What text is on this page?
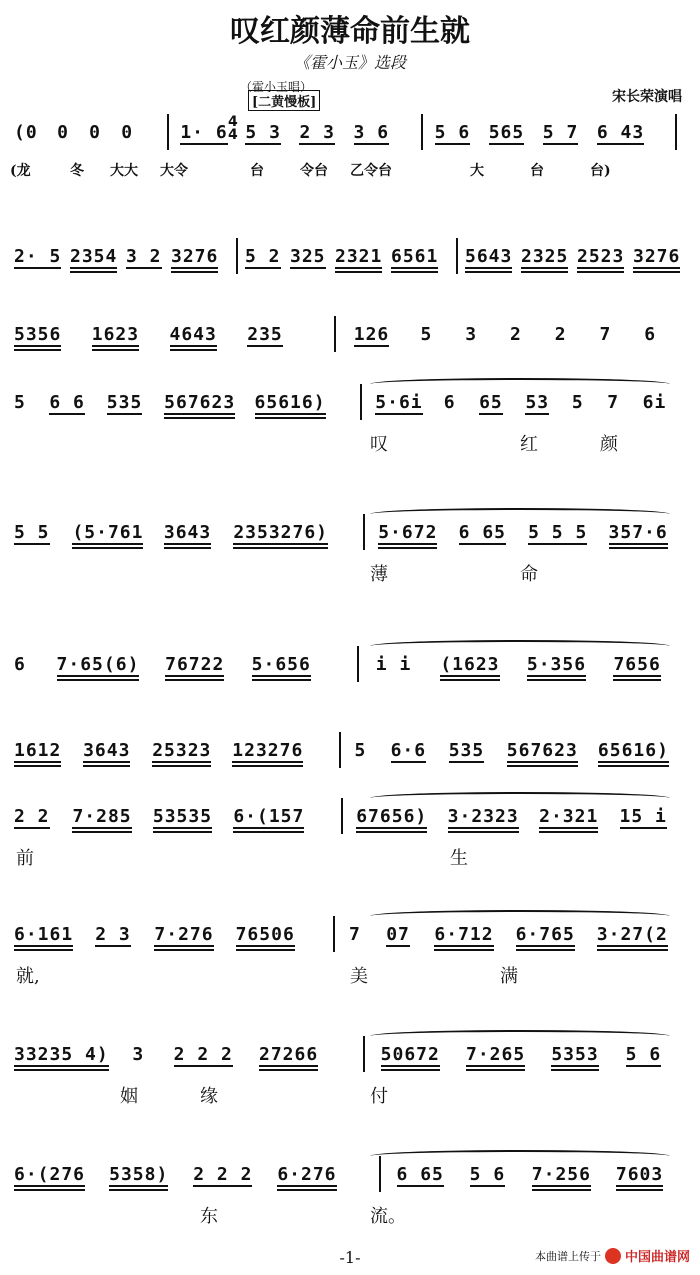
叹红颜薄命前生就
《霍小玉》选段
（霍小玉唱）
宋长荣演唱
[二黄慢板]
4
4
(0 0 0 0	1· 6 5 3 2 3 3 6	5 6 565 5 7 6 43
(龙	冬 大大 大令	台	令台 乙令台	大	台	台)
2· 5 2354 3 2 3276 5 2 325 2321 6561 5643 2325 2523 3276
5356 1623 4643 235	126 5 3 2 2 7 6
5 6 6 535 567623 65616)	5·6i 6 65 53 5 7 6i
叹	红	颜
5 5 (5·761 3643 2353276)	5·672 6 65 5 5 5 357·6
薄	命
6 7·65(6) 76722 5·656	i i (1623 5·356 7656
1612 3643 25323 123276	5 6·6 535 567623 65616)
2 2 7·285 53535 6·(157	67656) 3·2323 2·321 15 i
前	生
6·161 2 3 7·276 76506	7 07 6·712 6·765 3·27(2
就,	美	满
33235 4) 3 2 2 2 27266	50672 7·265 5353 5 6
姻	缘	付
6·(276 5358) 2 2 2 6·276	6 65 5 6 7·256 7603
东	流。
-1-	本曲谱上传于 中国曲谱网
